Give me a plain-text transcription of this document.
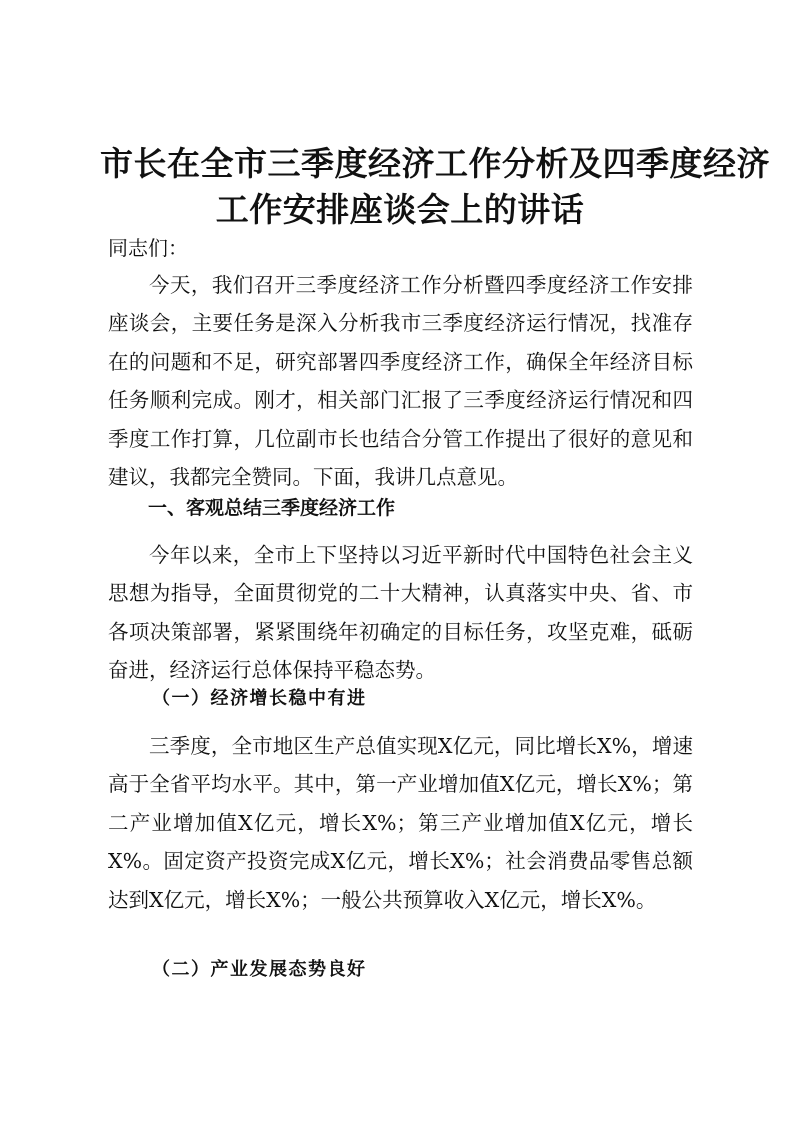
市长在全市三季度经济工作分析及四季度经济
工作安排座谈会上的讲话

同志们：

今天，我们召开三季度经济工作分析暨四季度经济工作安排座谈会，主要任务是深入分析我市三季度经济运行情况，找准存在的问题和不足，研究部署四季度经济工作，确保全年经济目标任务顺利完成。刚才，相关部门汇报了三季度经济运行情况和四季度工作打算，几位副市长也结合分管工作提出了很好的意见和建议，我都完全赞同。下面，我讲几点意见。

一、客观总结三季度经济工作

今年以来，全市上下坚持以习近平新时代中国特色社会主义思想为指导，全面贯彻党的二十大精神，认真落实中央、省、市各项决策部署，紧紧围绕年初确定的目标任务，攻坚克难，砥砺奋进，经济运行总体保持平稳态势。

（一）经济增长稳中有进

三季度，全市地区生产总值实现X亿元，同比增长X%，增速高于全省平均水平。其中，第一产业增加值X亿元，增长X%；第二产业增加值X亿元，增长X%；第三产业增加值X亿元，增长X%。固定资产投资完成X亿元，增长X%；社会消费品零售总额达到X亿元，增长X%；一般公共预算收入X亿元，增长X%。

（二）产业发展态势良好
